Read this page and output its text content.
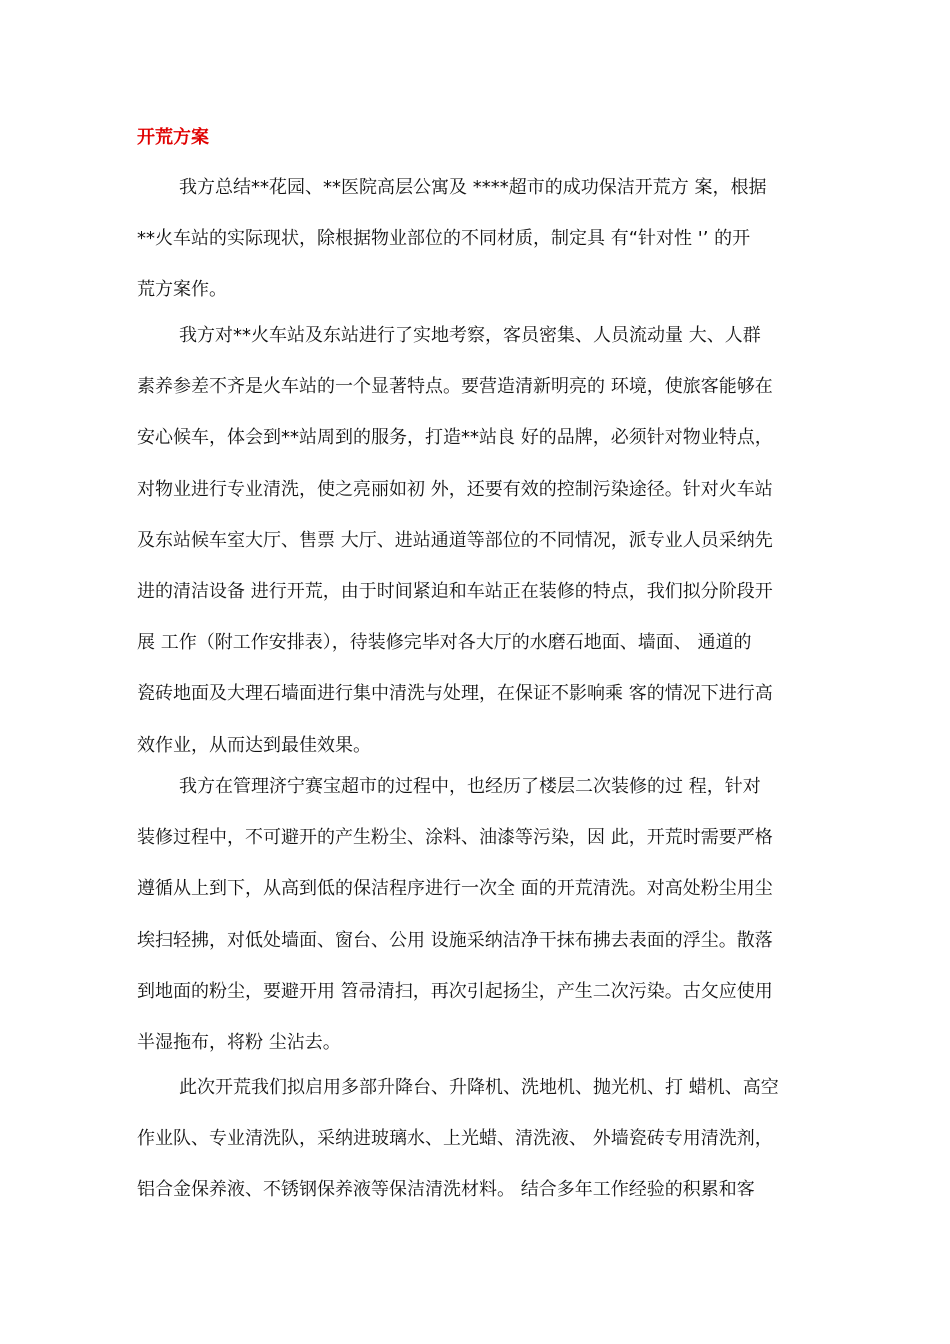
开荒方案
我方总结**花园、**医院高层公寓及 ****超市的成功保洁开荒方 案，根据
**火车站的实际现状，除根据物业部位的不同材质，制定具 有“针对性 '’ 的开
荒方案作。
我方对**火车站及东站进行了实地考察，客员密集、人员流动量 大、人群
素养参差不齐是火车站的一个显著特点。要营造清新明亮的 环境，使旅客能够在
安心候车，体会到**站周到的服务，打造**站良 好的品牌，必须针对物业特点，
对物业进行专业清洗，使之亮丽如初 外，还要有效的控制污染途径。针对火车站
及东站候车室大厅、售票 大厅、进站通道等部位的不同情况，派专业人员采纳先
进的清洁设备 进行开荒，由于时间紧迫和车站正在装修的特点，我们拟分阶段开
展 工作（附工作安排表），待装修完毕对各大厅的水磨石地面、墙面、 通道的
瓷砖地面及大理石墙面进行集中清洗与处理，在保证不影响乘 客的情况下进行高
效作业，从而达到最佳效果。
我方在管理济宁赛宝超市的过程中，也经历了楼层二次装修的过 程，针对
装修过程中，不可避开的产生粉尘、涂料、油漆等污染，因 此，开荒时需要严格
遵循从上到下，从高到低的保洁程序进行一次全 面的开荒清洗。对高处粉尘用尘
埃扫轻拂，对低处墙面、窗台、公用 设施采纳洁净干抹布拂去表面的浮尘。散落
到地面的粉尘，要避开用 笤帚清扫，再次引起扬尘，产生二次污染。古攵应使用
半湿拖布，将粉 尘沾去。
此次开荒我们拟启用多部升降台、升降机、洗地机、抛光机、打 蜡机、高空
作业队、专业清洗队，采纳进玻璃水、上光蜡、清洗液、 外墙瓷砖专用清洗剂，
铝合金保养液、不锈钢保养液等保洁清洗材料。 结合多年工作经验的积累和客
